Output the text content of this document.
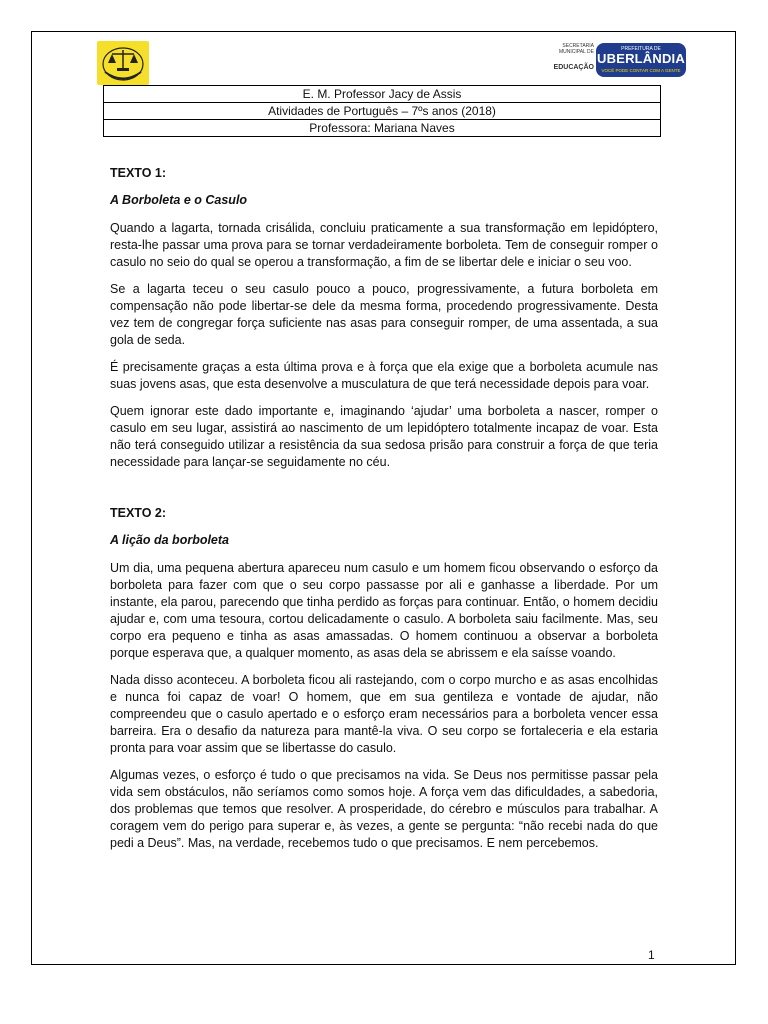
SECRETARIA MUNICIPAL DE
EDUCAÇÃO
PREFEITURA DE
UBERLÂNDIA
VOCÊ PODE CONTAR COM A GENTE
E. M. Professor Jacy de Assis
Atividades de Português – 7ºs anos (2018)
Professora: Mariana Naves

TEXTO 1:

A Borboleta e o Casulo

Quando a lagarta, tornada crisálida, concluiu praticamente a sua transformação em lepidóptero, resta-lhe passar uma prova para se tornar verdadeiramente borboleta. Tem de conseguir romper o casulo no seio do qual se operou a transformação, a fim de se libertar dele e iniciar o seu voo.

Se a lagarta teceu o seu casulo pouco a pouco, progressivamente, a futura borboleta em compensação não pode libertar-se dele da mesma forma, procedendo progressivamente. Desta vez tem de congregar força suficiente nas asas para conseguir romper, de uma assentada, a sua gola de seda.

É precisamente graças a esta última prova e à força que ela exige que a borboleta acumule nas suas jovens asas, que esta desenvolve a musculatura de que terá necessidade depois para voar.

Quem ignorar este dado importante e, imaginando ‘ajudar’ uma borboleta a nascer, romper o casulo em seu lugar, assistirá ao nascimento de um lepidóptero totalmente incapaz de voar. Esta não terá conseguido utilizar a resistência da sua sedosa prisão para construir a força de que teria necessidade para lançar-se seguidamente no céu.

TEXTO 2:

A lição da borboleta

Um dia, uma pequena abertura apareceu num casulo e um homem ficou observando o esforço da borboleta para fazer com que o seu corpo passasse por ali e ganhasse a liberdade. Por um instante, ela parou, parecendo que tinha perdido as forças para continuar. Então, o homem decidiu ajudar e, com uma tesoura, cortou delicadamente o casulo. A borboleta saiu facilmente. Mas, seu corpo era pequeno e tinha as asas amassadas. O homem continuou a observar a borboleta porque esperava que, a qualquer momento, as asas dela se abrissem e ela saísse voando.

Nada disso aconteceu. A borboleta ficou ali rastejando, com o corpo murcho e as asas encolhidas e nunca foi capaz de voar! O homem, que em sua gentileza e vontade de ajudar, não compreendeu que o casulo apertado e o esforço eram necessários para a borboleta vencer essa barreira. Era o desafio da natureza para mantê-la viva. O seu corpo se fortaleceria e ela estaria pronta para voar assim que se libertasse do casulo.

Algumas vezes, o esforço é tudo o que precisamos na vida. Se Deus nos permitisse passar pela vida sem obstáculos, não seríamos como somos hoje. A força vem das dificuldades, a sabedoria, dos problemas que temos que resolver. A prosperidade, do cérebro e músculos para trabalhar. A coragem vem do perigo para superar e, às vezes, a gente se pergunta: “não recebi nada do que pedi a Deus”. Mas, na verdade, recebemos tudo o que precisamos. E nem percebemos.

1
